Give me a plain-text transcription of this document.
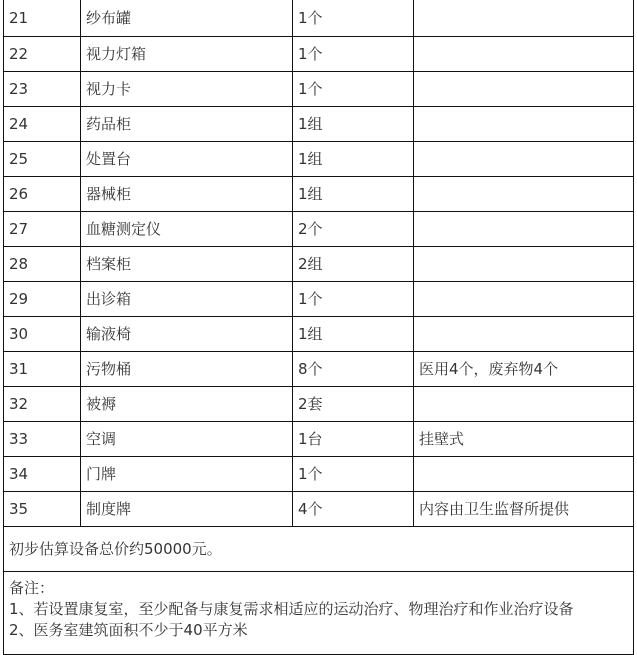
21	纱布罐	1个	
22	视力灯箱	1个	
23	视力卡	1个	
24	药品柜	1组	
25	处置台	1组	
26	器械柜	1组	
27	血糖测定仪	2个	
28	档案柜	2组	
29	出诊箱	1个	
30	输液椅	1组	
31	污物桶	8个	医用4个，废弃物4个
32	被褥	2套	
33	空调	1台	挂壁式
34	门牌	1个	
35	制度牌	4个	内容由卫生监督所提供
初步估算设备总价约50000元。			

备注：
1、若设置康复室，至少配备与康复需求相适应的运动治疗、物理治疗和作业治疗设备
2、医务室建筑面积不少于40平方米			
